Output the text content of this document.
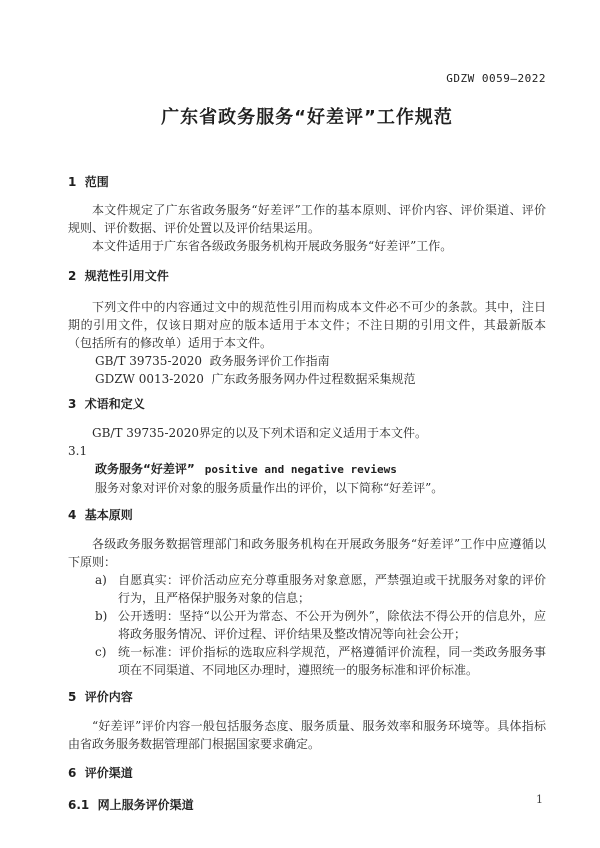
GDZW 0059—2022
广东省政务服务“好差评”工作规范
1  范围

本文件规定了广东省政务服务“好差评”工作的基本原则、评价内容、评价渠道、评价规则、评价数据、评价处置以及评价结果运用。

本文件适用于广东省各级政务服务机构开展政务服务“好差评”工作。

2  规范性引用文件

下列文件中的内容通过文中的规范性引用而构成本文件必不可少的条款。其中，注日期的引用文件，仅该日期对应的版本适用于本文件；不注日期的引用文件，其最新版本（包括所有的修改单）适用于本文件。

GB/T 39735-2020  政务服务评价工作指南

GDZW 0013-2020  广东政务服务网办件过程数据采集规范

3  术语和定义

GB/T 39735-2020界定的以及下列术语和定义适用于本文件。

3.1

政务服务“好差评” positive and negative reviews

服务对象对评价对象的服务质量作出的评价，以下简称“好差评”。

4  基本原则

各级政务服务数据管理部门和政务服务机构在开展政务服务“好差评”工作中应遵循以下原则：

a) 自愿真实：评价活动应充分尊重服务对象意愿，严禁强迫或干扰服务对象的评价行为，且严格保护服务对象的信息；
b) 公开透明：坚持“以公开为常态、不公开为例外”，除依法不得公开的信息外，应将政务服务情况、评价过程、评价结果及整改情况等向社会公开；
c) 统一标准：评价指标的选取应科学规范，严格遵循评价流程，同一类政务服务事项在不同渠道、不同地区办理时，遵照统一的服务标准和评价标准。
5  评价内容

“好差评”评价内容一般包括服务态度、服务质量、服务效率和服务环境等。具体指标由省政务服务数据管理部门根据国家要求确定。

6  评价渠道
6.1  网上服务评价渠道	1
